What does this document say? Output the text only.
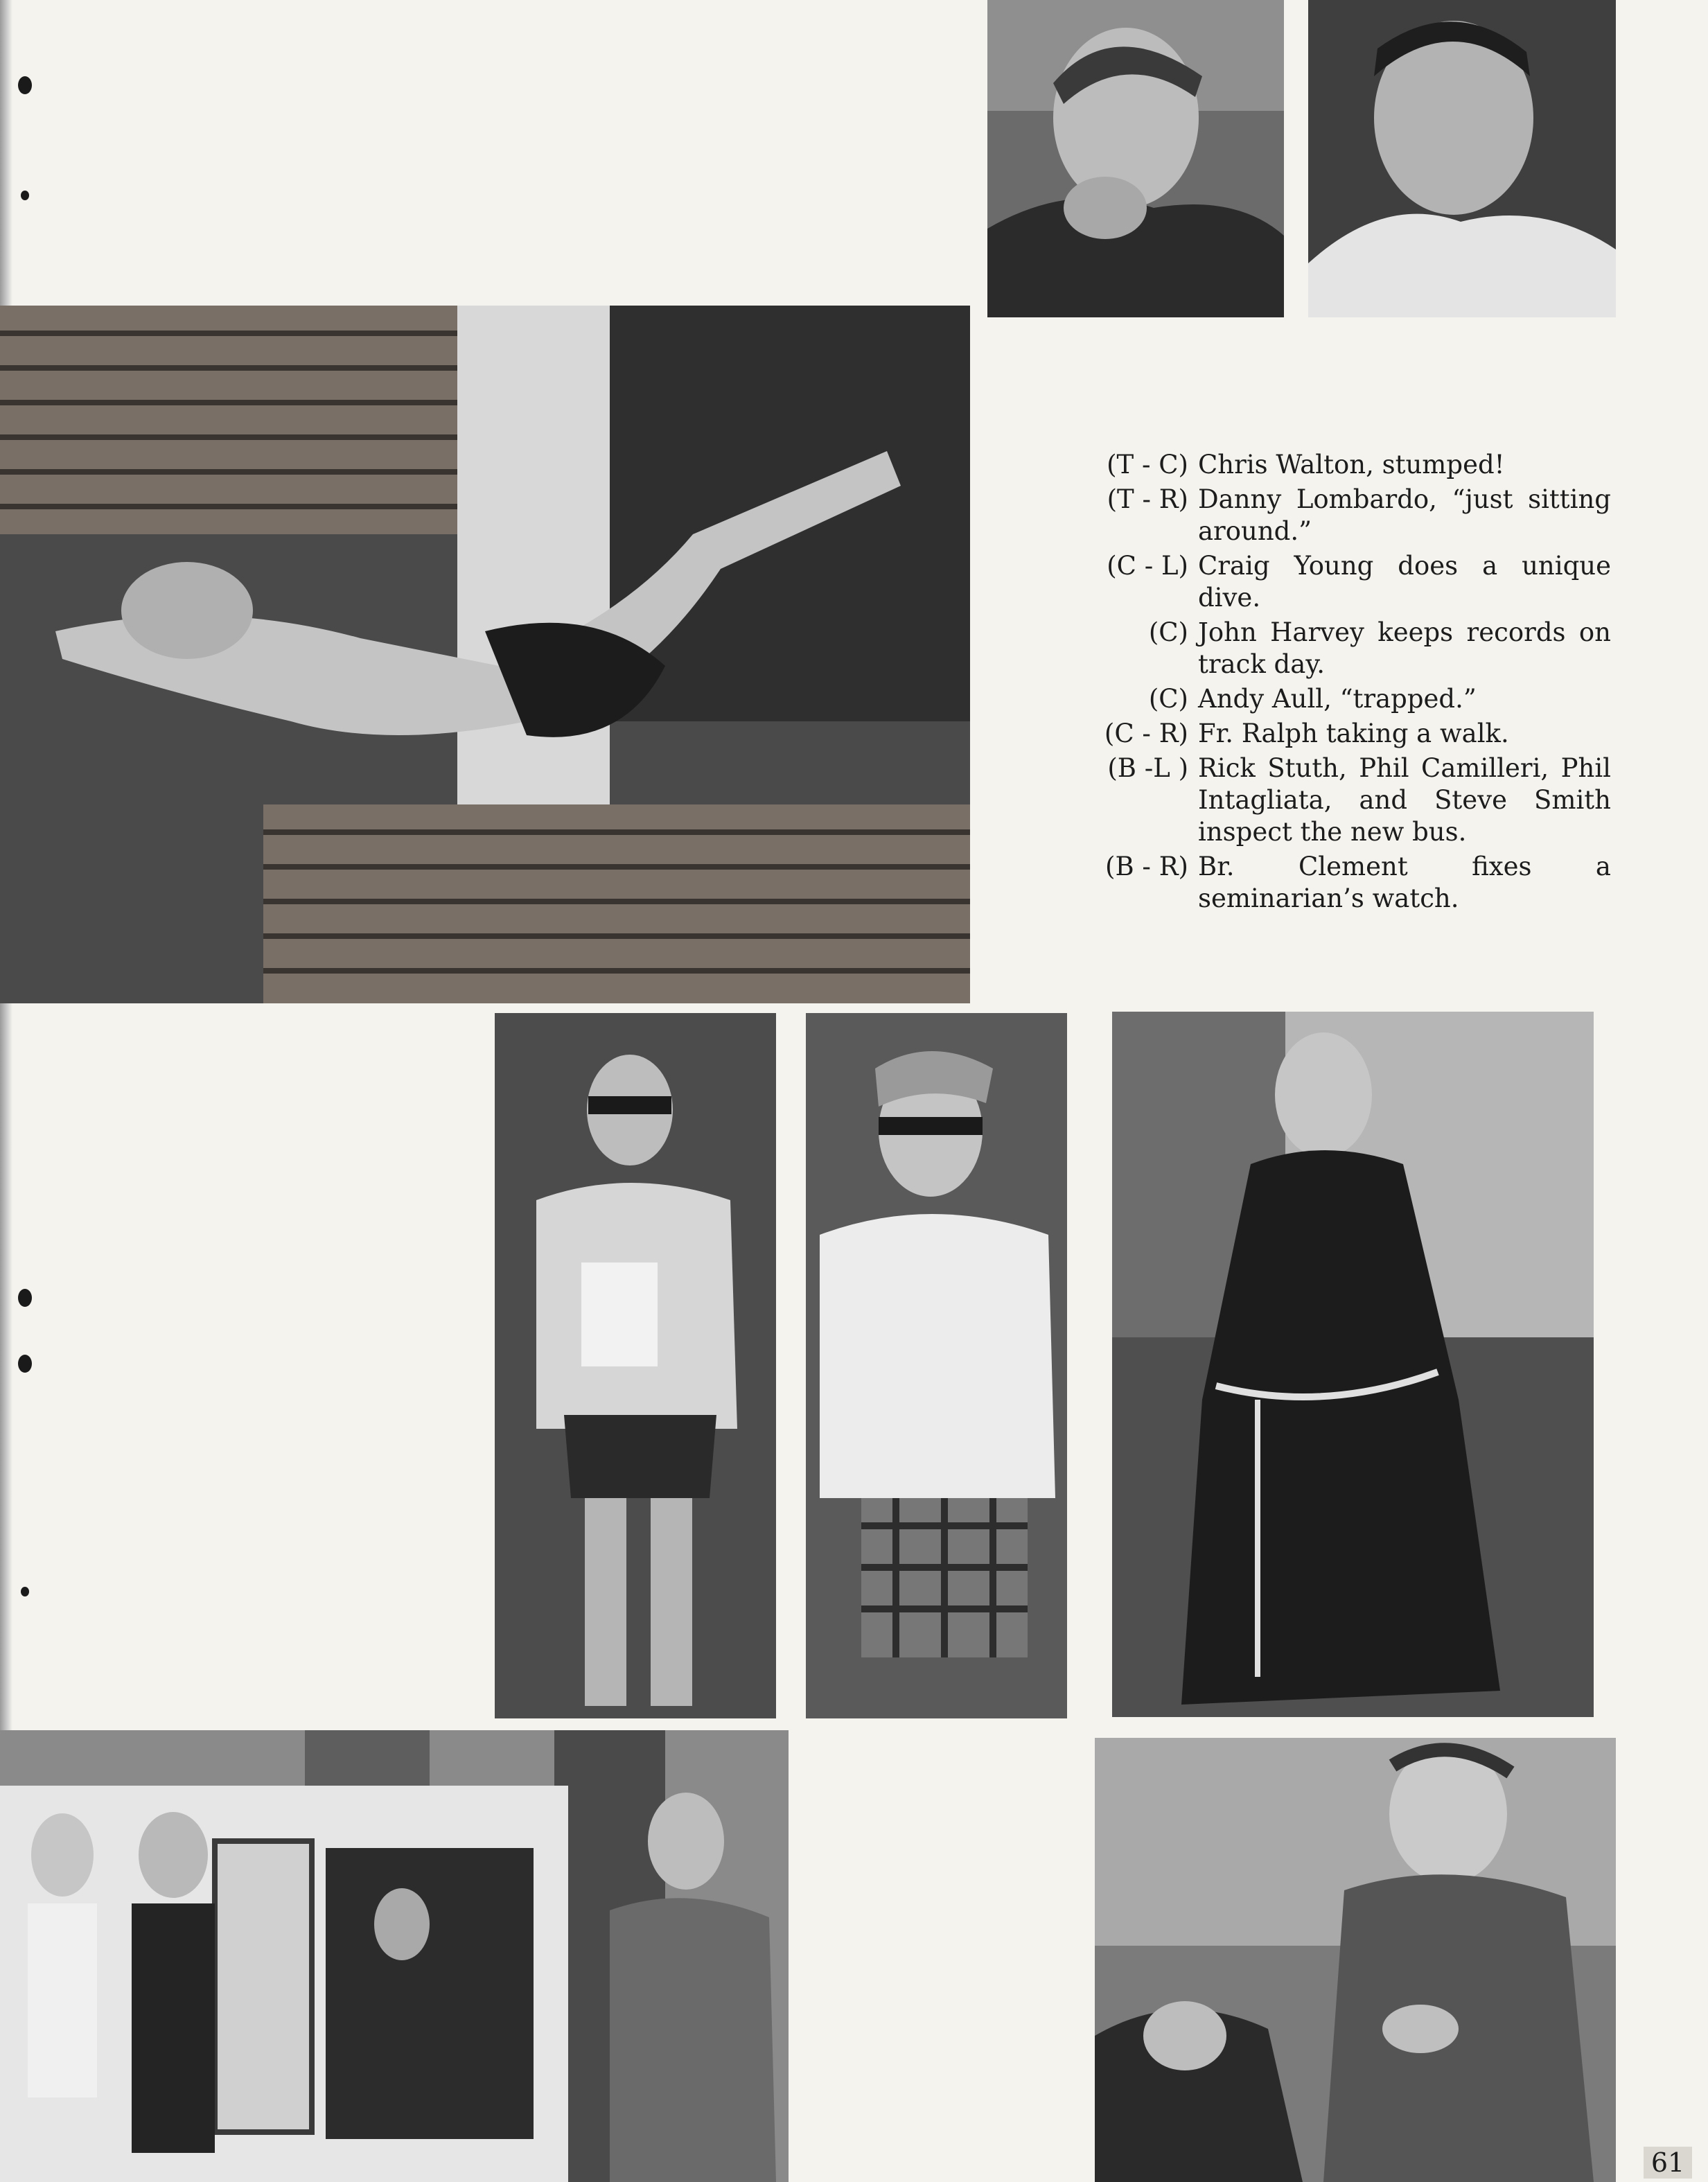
(T - C) Chris Walton, stumped!
(T - R) Danny Lombardo, “just sitting around.”
(C - L) Craig Young does a unique dive.
(C) John Harvey keeps records on track day.
(C) Andy Aull, “trapped.”
(C - R) Fr. Ralph taking a walk.
(B -L ) Rick Stuth, Phil Camilleri, Phil Intagliata, and Steve Smith inspect the new bus.
(B - R) Br. Clement fixes a seminarian’s watch.
61
